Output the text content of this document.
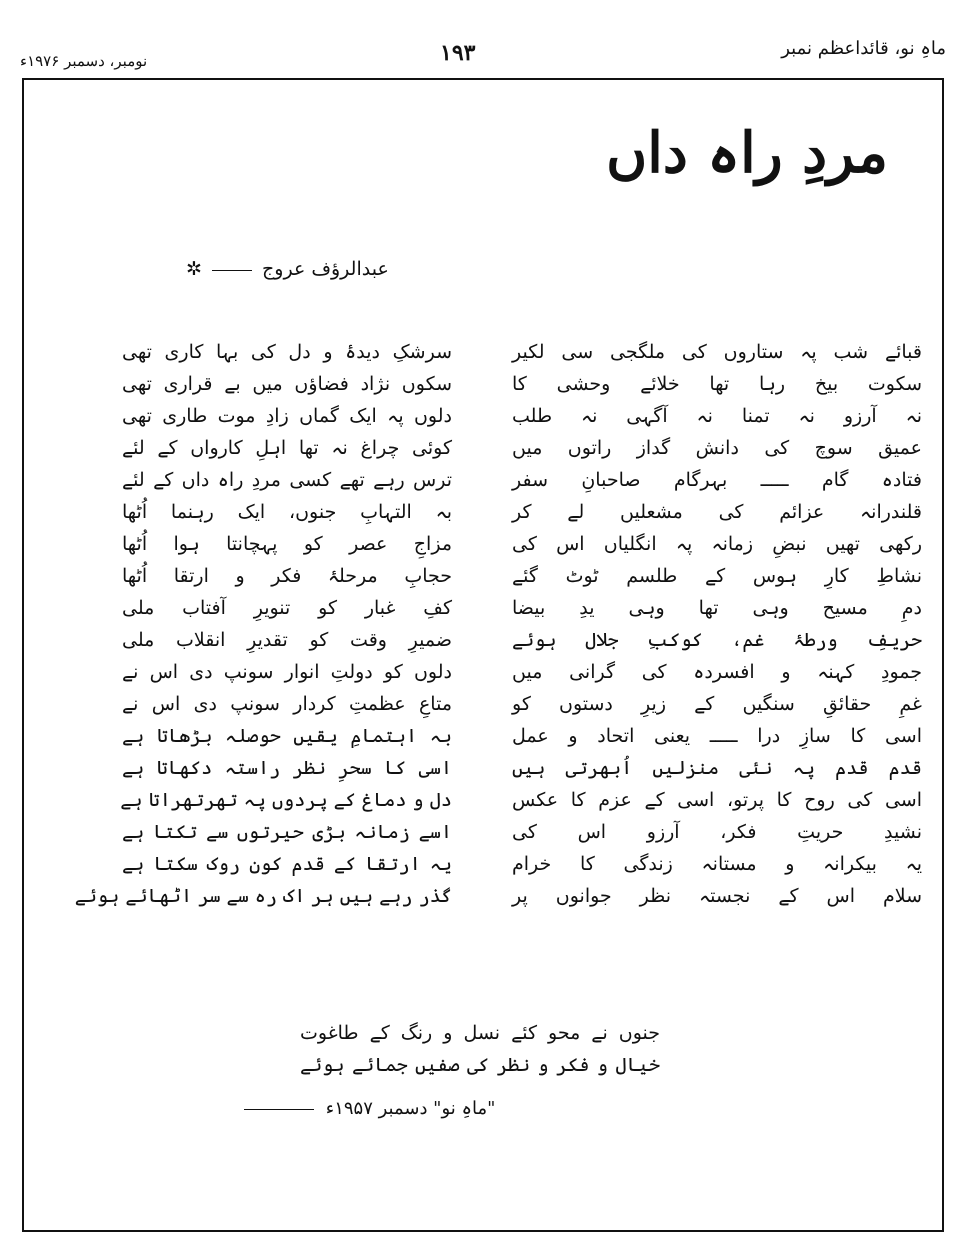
نومبر، دسمبر ۱۹۷۶ء	۱۹۳	ماہِ نو، قائداعظم نمبر
مردِ راہ داں
عبدالرؤف عروج  ✲
قبائے شب پہ ستاروں کی ملگجی سی لکیر
سکوت بیخ رہا تھا خلائے وحشی کا
نہ آرزو نہ تمنا نہ آگہی نہ طلب
عمیق سوچ کی دانش گداز راتوں میں
فتادہ گام ـــــ بہرگام صاحبانِ سفر
قلندرانہ عزائم کی مشعلیں لے کر
رکھی تھیں نبضِ زمانہ پہ انگلیاں اس کی
نشاطِ کارِ ہوس کے طلسم ٹوٹ گئے
دمِ مسیح وہی تھا وہی یدِ بیضا
حریفِ ورطۂ غم، کوکبِ جلال ہوئے
جمودِ کہنہ و افسردہ کی گرانی میں
غمِ حقائقِ سنگیں کے زیرِ دستوں کو
اسی کا سازِ درا ـــــ یعنی اتحاد و عمل
قدم قدم پہ نئی منزلیں اُبھرتی ہیں
اسی کی روح کا پرتو، اسی کے عزم کا عکس
نشیدِ حریتِ فکر، آرزو اس کی
یہ بیکرانہ و مستانہ زندگی کا خرام
سلام اس کے نجستہ نظر جوانوں پر
سرشکِ دیدۂ و دل کی بہا کاری تھی
سکوں نژاد فضاؤں میں بے قراری تھی
دلوں پہ ایک گماں زادِ موت طاری تھی
کوئی چراغ نہ تھا اہلِ کارواں کے لئے
ترس رہے تھے کسی مردِ راہ داں کے لئے
بہ التہابِ جنوں، ایک رہنما اُٹھا
مزاجِ عصر کو پہچانتا ہوا اُٹھا
حجابِ مرحلۂ فکر و ارتقا اُٹھا
کفِ غبار کو تنویرِ آفتاب ملی
ضمیرِ وقت کو تقدیرِ انقلاب ملی
دلوں کو دولتِ انوار سونپ دی اس نے
متاعِ عظمتِ کردار سونپ دی اس نے
بہ اہتمامِ یقیں حوصلہ بڑھاتا ہے
اسی کا سحرِ نظر راستہ دکھاتا ہے
دل و دماغ کے پردوں پہ تھرتھراتا ہے
اسے زمانہ بڑی حیرتوں سے تکتا ہے
یہ ارتقا کے قدم کون روک سکتا ہے
گذر رہے ہیں ہر اک رہ سے سر اٹھائے ہوئے
جنوں نے محو کئے نسل و رنگ کے طاغوت
خیال و فکر و نظر کی صفیں جمائے ہوئے
"ماہِ نو" دسمبر ۱۹۵۷ء
